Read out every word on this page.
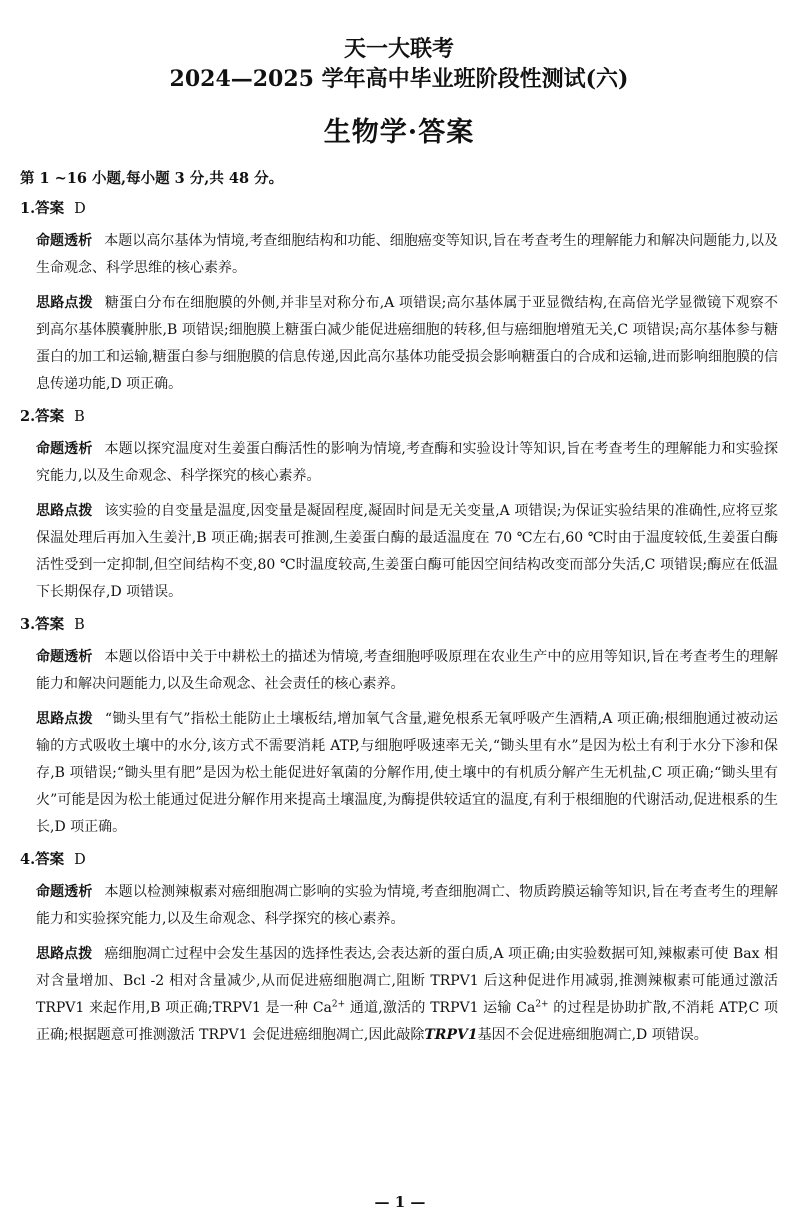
天一大联考
2024—2025 学年高中毕业班阶段性测试(六)
生物学·答案
第 1 ~16 小题,每小题 3 分,共 48 分。
1.答案 D
命题透析 本题以高尔基体为情境,考查细胞结构和功能、细胞癌变等知识,旨在考查考生的理解能力和解决问题能力,以及生命观念、科学思维的核心素养。
思路点拨 糖蛋白分布在细胞膜的外侧,并非呈对称分布,A 项错误;高尔基体属于亚显微结构,在高倍光学显微镜下观察不到高尔基体膜囊肿胀,B 项错误;细胞膜上糖蛋白减少能促进癌细胞的转移,但与癌细胞增殖无关,C 项错误;高尔基体参与糖蛋白的加工和运输,糖蛋白参与细胞膜的信息传递,因此高尔基体功能受损会影响糖蛋白的合成和运输,进而影响细胞膜的信息传递功能,D 项正确。
2.答案 B
命题透析 本题以探究温度对生姜蛋白酶活性的影响为情境,考查酶和实验设计等知识,旨在考查考生的理解能力和实验探究能力,以及生命观念、科学探究的核心素养。
思路点拨 该实验的自变量是温度,因变量是凝固程度,凝固时间是无关变量,A 项错误;为保证实验结果的准确性,应将豆浆保温处理后再加入生姜汁,B 项正确;据表可推测,生姜蛋白酶的最适温度在 70 ℃左右,60 ℃时由于温度较低,生姜蛋白酶活性受到一定抑制,但空间结构不变,80 ℃时温度较高,生姜蛋白酶可能因空间结构改变而部分失活,C 项错误;酶应在低温下长期保存,D 项错误。
3.答案 B
命题透析 本题以俗语中关于中耕松土的描述为情境,考查细胞呼吸原理在农业生产中的应用等知识,旨在考查考生的理解能力和解决问题能力,以及生命观念、社会责任的核心素养。
思路点拨 “锄头里有气”指松土能防止土壤板结,增加氧气含量,避免根系无氧呼吸产生酒精,A 项正确;根细胞通过被动运输的方式吸收土壤中的水分,该方式不需要消耗 ATP,与细胞呼吸速率无关,“锄头里有水”是因为松土有利于水分下渗和保存,B 项错误;“锄头里有肥”是因为松土能促进好氧菌的分解作用,使土壤中的有机质分解产生无机盐,C 项正确;“锄头里有火”可能是因为松土能通过促进分解作用来提高土壤温度,为酶提供较适宜的温度,有利于根细胞的代谢活动,促进根系的生长,D 项正确。
4.答案 D
命题透析 本题以检测辣椒素对癌细胞凋亡影响的实验为情境,考查细胞凋亡、物质跨膜运输等知识,旨在考查考生的理解能力和实验探究能力,以及生命观念、科学探究的核心素养。
思路点拨 癌细胞凋亡过程中会发生基因的选择性表达,会表达新的蛋白质,A 项正确;由实验数据可知,辣椒素可使 Bax 相对含量增加、Bcl -2 相对含量减少,从而促进癌细胞凋亡,阻断 TRPV1 后这种促进作用减弱,推测辣椒素可能通过激活 TRPV1 来起作用,B 项正确;TRPV1 是一种 $Ca^{2+}$ 通道,激活的 TRPV1 运输 $Ca^{2+}$ 的过程是协助扩散,不消耗 ATP,C 项正确;根据题意可推测激活 TRPV1 会促进癌细胞凋亡,因此敲除TRPV1基因不会促进癌细胞凋亡,D 项错误。
— 1 —
